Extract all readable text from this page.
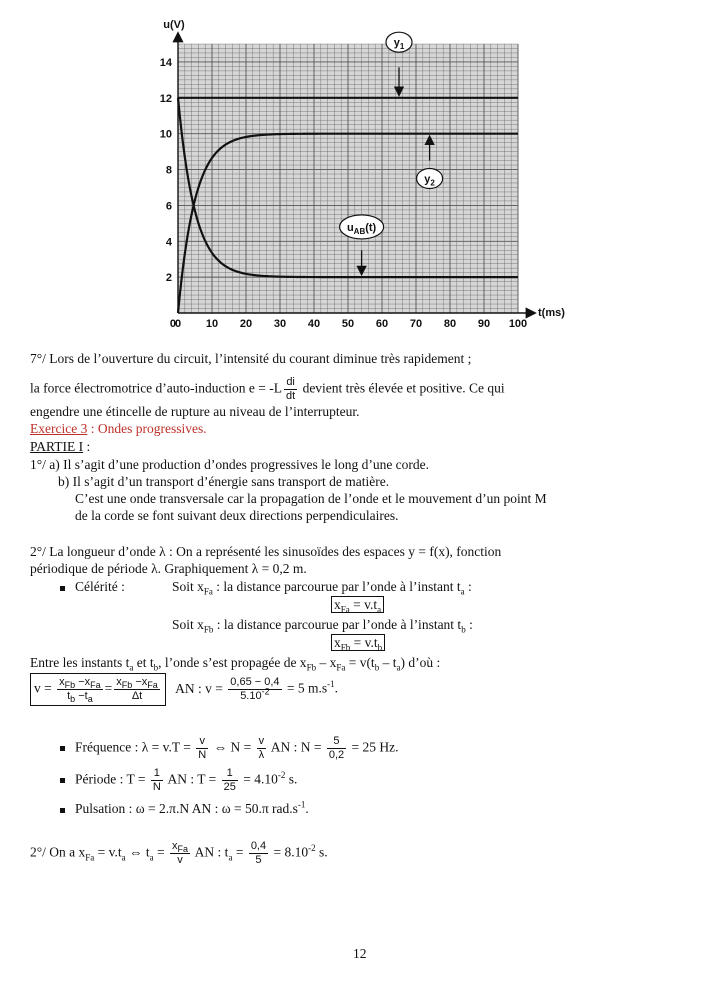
0 10 20 30 40 50 60 70 80 90 100
2
4
6
8
10
12
14
0
u(V)
t(ms)
$y_1$
$y_2$
$u_{AB}(t)$
7°/ Lors de l’ouverture du circuit, l’intensité du courant diminue très rapidement ;
la force électromotrice d’auto-induction $e = -L \frac{di}{dt}$ devient très élevée et positive. Ce qui
engendre une étincelle de rupture au niveau de l’interrupteur.
Exercice 3 : Ondes progressives.
PARTIE I :
1°/ a) Il s’agit d’une production d’ondes progressives le long d’une corde.
b) Il s’agit d’un transport d’énergie sans transport de matière.
C’est une onde transversale car la propagation de l’onde et le mouvement d’un point M
de la corde se font suivant deux directions perpendiculaires.
2°/ La longueur d’onde λ : On a représenté les sinusoïdes des espaces y = f(x), fonction
périodique de période λ. Graphiquement λ = 0,2 m.
Célérité :	Soit $x_{Fa}$ : la distance parcourue par l’onde à l’instant $t_a$ :
$x_{Fa} = v.t_a$
Soit $x_{Fb}$ : la distance parcourue par l’onde à l’instant $t_b$ :
$x_{Fb} = v.t_b$
Entre les instants $t_a$ et $t_b$, l’onde s’est propagée de $x_{Fb} - x_{Fa} = v(t_b - t_a)$ d’où :
$v = \frac{x_{Fb} -x_{Fa}}{t_b -t_a} = \frac{x_{Fb} -x_{Fa}}{\Delta t}$ AN : $v = \frac{0,65 - 0,4}{5.10^{-2}} = 5$ $m.s^{-1}$.
Fréquence : $\lambda = v.T = \frac{v}{N}$ ⇔ $N = \frac{v}{\lambda}$ AN : $N = \frac{5}{0,2} = 25$ Hz.
Période : $T = \frac{1}{N}$ AN : $T = \frac{1}{25} = 4.10^{-2}$ s.
Pulsation : ω = 2.π.N AN : ω = 50.π $rad.s^{-1}$.
2°/ On a $x_{Fa} = v.t_a$ ⇔ $t_a = \frac{x_{Fa}}{v}$ AN : $t_a = \frac{0,4}{5} = 8.10^{-2}$ s.
12
